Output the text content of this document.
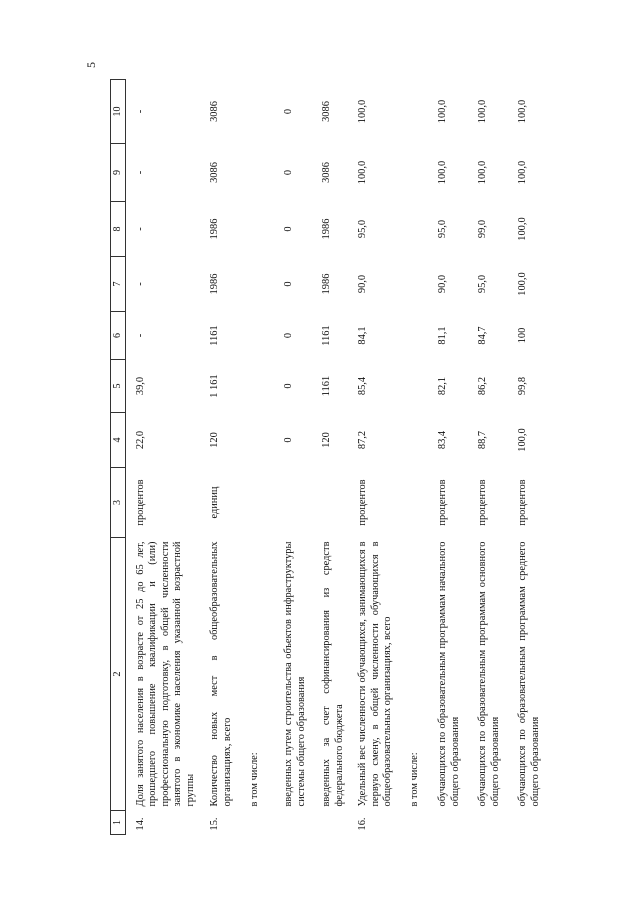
5
1	2	3	4	5	6	7	8	9	10
14.	Доля занятого населения в возрасте от 25 до 65 лет, прошедшего повышение квалификации и (или) профессиональную подготовку, в общей численности занятого в экономике населения указанной возрастной группы	процентов	22,0	39,0	-	-	-	-	-
15.	Количество новых мест в общеобразовательных организациях, всего	единиц	120	1 161	1161	1986	1986	3086	3086
	в том числе:								
	введенных путем строительства объектов инфраструктуры системы общего образования		0	0	0	0	0	0	0
	введенных за счет софинансирования из средств федерального бюджета		120	1161	1161	1986	1986	3086	3086
16.	Удельный вес численности обучающихся, занимающихся в первую смену, в общей численности обучающихся в общеобразовательных организациях, всего	процентов	87,2	85,4	84,1	90,0	95,0	100,0	100,0
	в том числе:								
	обучающихся по образовательным программам начального общего образования	процентов	83,4	82,1	81,1	90,0	95,0	100,0	100,0
	обучающихся по образовательным программам основного общего образования	процентов	88,7	86,2	84,7	95,0	99,0	100,0	100,0
	обучающихся по образовательным программам среднего общего образования	процентов	100,0	99,8	100	100,0	100,0	100,0	100,0
